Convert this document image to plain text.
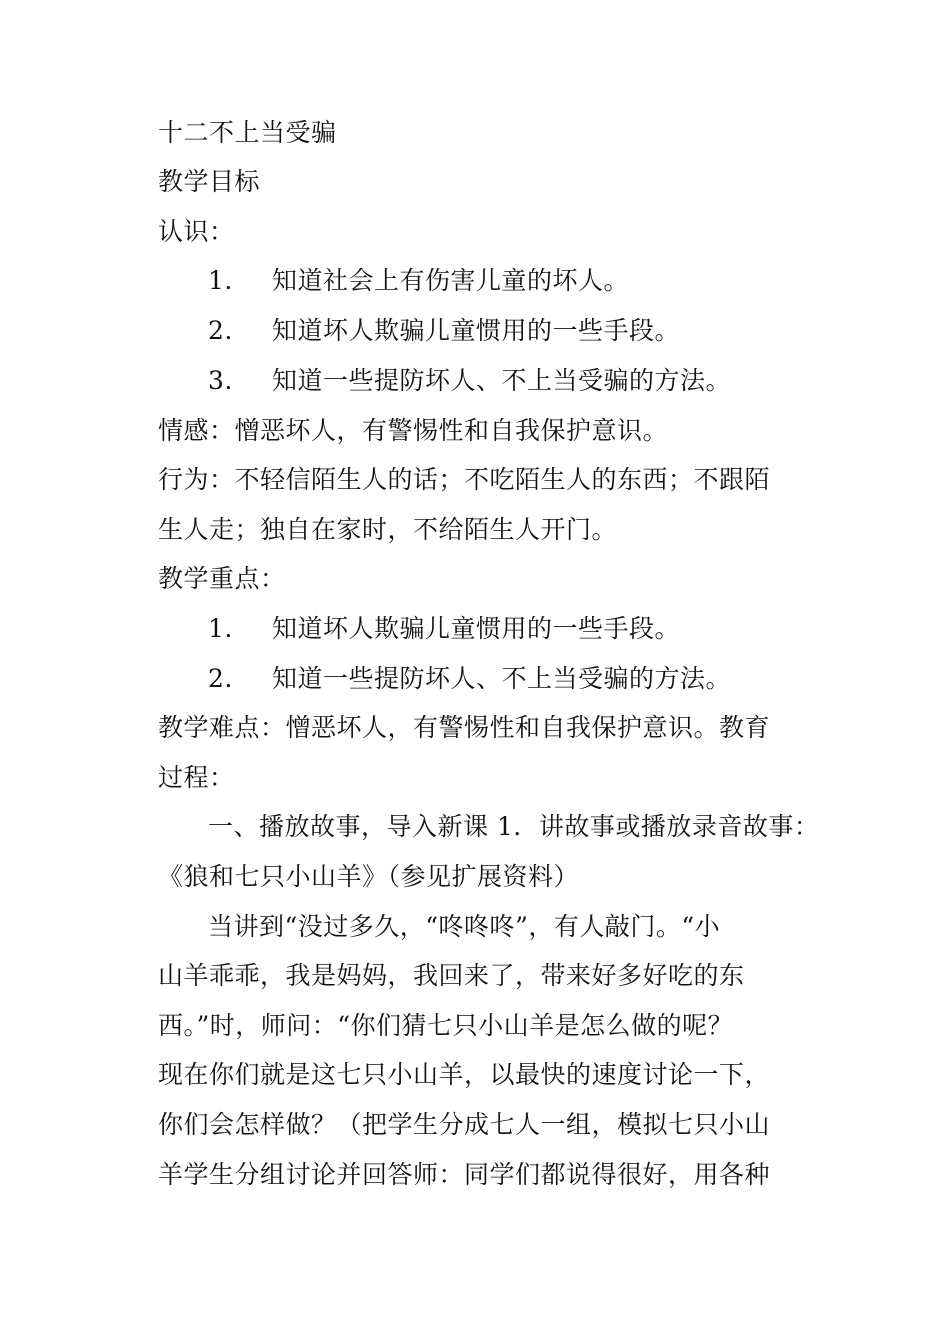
十二不上当受骗
教学目标
认识：
1. 知道社会上有伤害儿童的坏人。
2. 知道坏人欺骗儿童惯用的一些手段。
3. 知道一些提防坏人、不上当受骗的方法。
情感：憎恶坏人，有警惕性和自我保护意识。
行为：不轻信陌生人的话；不吃陌生人的东西；不跟陌
生人走；独自在家时，不给陌生人开门。
教学重点：
1. 知道坏人欺骗儿童惯用的一些手段。
2. 知道一些提防坏人、不上当受骗的方法。
教学难点：憎恶坏人，有警惕性和自我保护意识。教育
过程：
一、播放故事，导入新课 1．讲故事或播放录音故事：
《狼和七只小山羊》（参见扩展资料）
当讲到“没过多久，“咚咚咚”，有人敲门。“小
山羊乖乖，我是妈妈，我回来了，带来好多好吃的东
西。”时，师问：“你们猜七只小山羊是怎么做的呢？
现在你们就是这七只小山羊，以最快的速度讨论一下，
你们会怎样做？（把学生分成七人一组，模拟七只小山
羊学生分组讨论并回答师：同学们都说得很好，用各种
